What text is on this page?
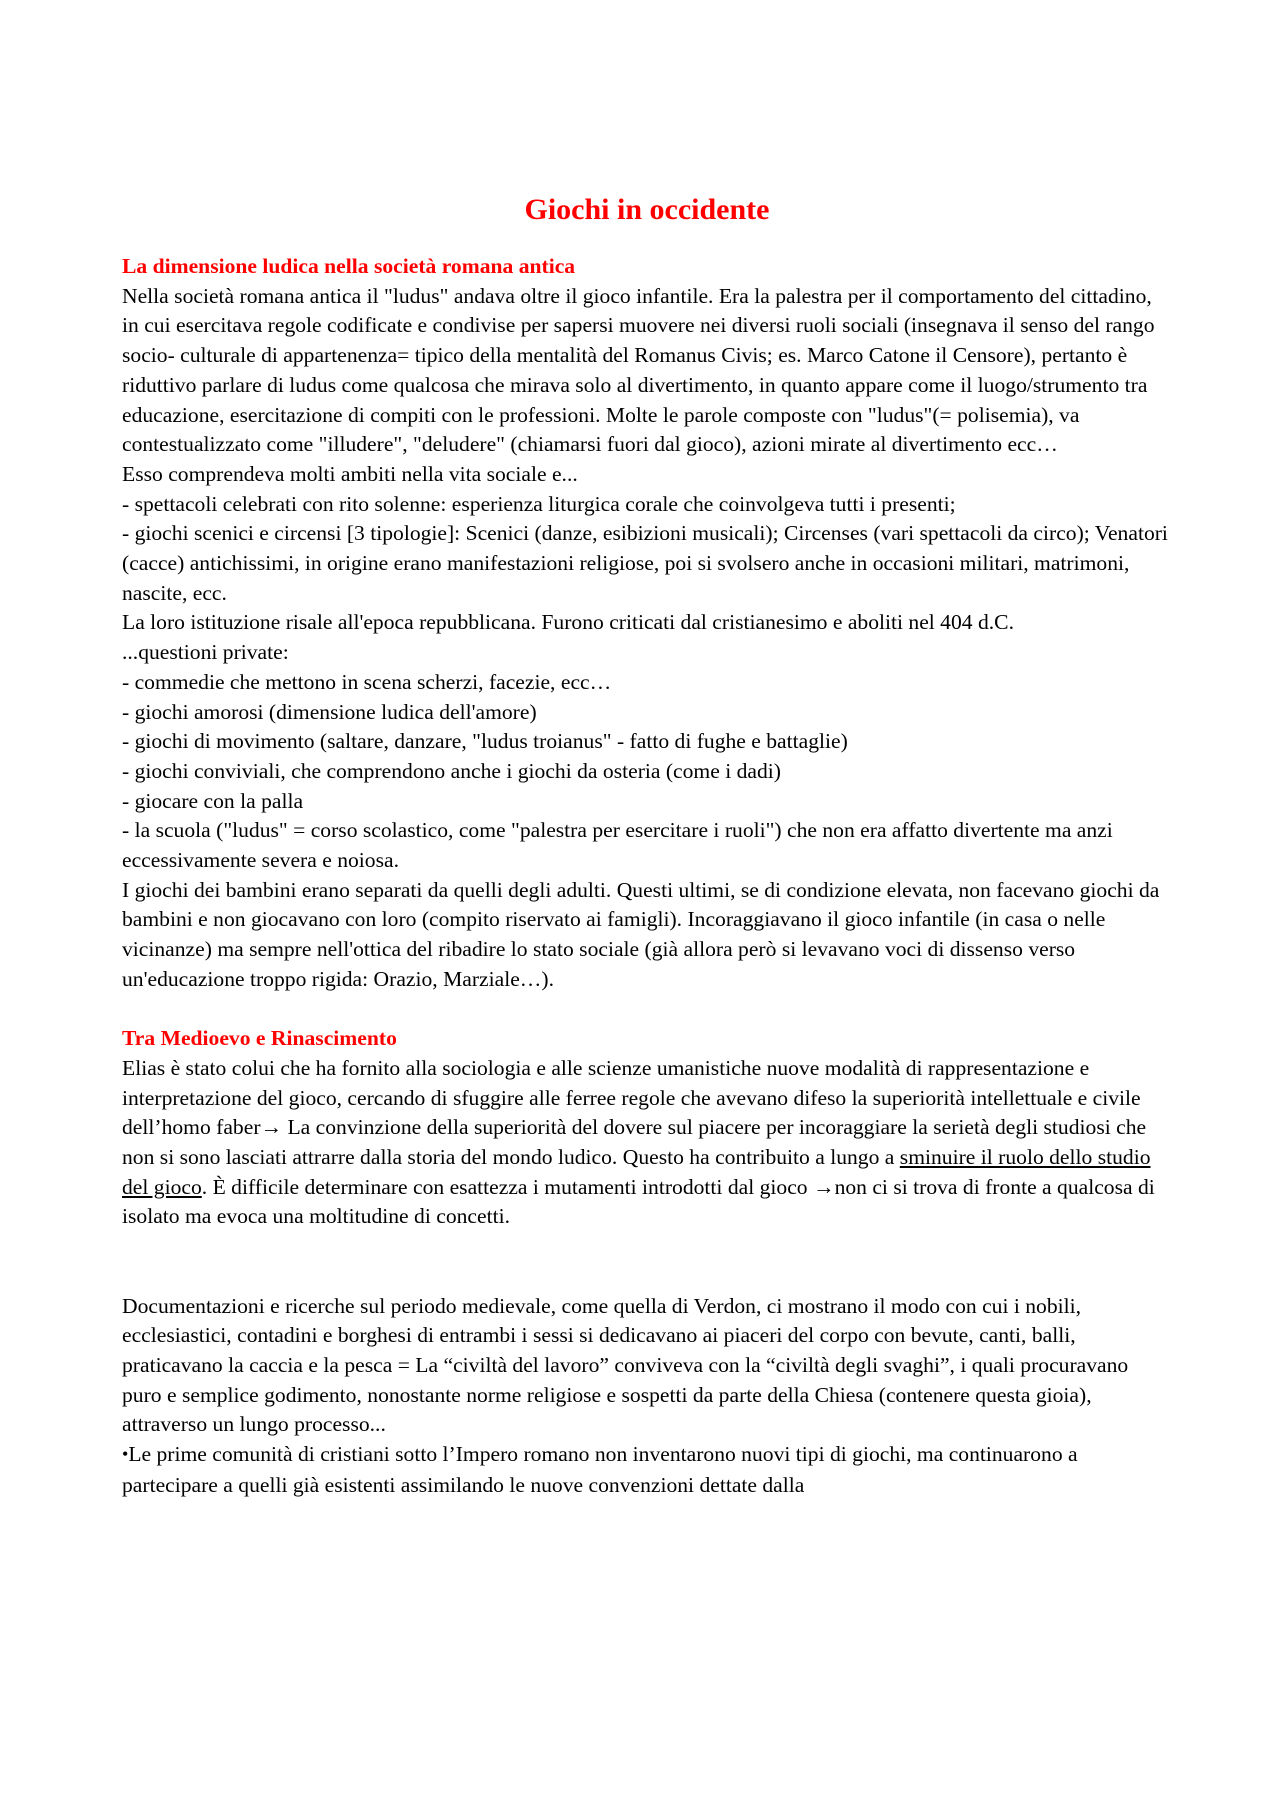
Giochi in occidente

La dimensione ludica nella società romana antica

Nella società romana antica il "ludus" andava oltre il gioco infantile. Era la palestra per il comportamento del cittadino, in cui esercitava regole codificate e condivise per sapersi muovere nei diversi ruoli sociali (insegnava il senso del rango socio- culturale di appartenenza= tipico della mentalità del Romanus Civis; es. Marco Catone il Censore), pertanto è riduttivo parlare di ludus come qualcosa che mirava solo al divertimento, in quanto appare come il luogo/strumento tra educazione, esercitazione di compiti con le professioni. Molte le parole composte con "ludus"(= polisemia), va contestualizzato come "illudere", "deludere" (chiamarsi fuori dal gioco), azioni mirate al divertimento ecc…

Esso comprendeva molti ambiti nella vita sociale e...

- spettacoli celebrati con rito solenne: esperienza liturgica corale che coinvolgeva tutti i presenti;

- giochi scenici e circensi [3 tipologie]: Scenici (danze, esibizioni musicali); Circenses (vari spettacoli da circo); Venatori (cacce) antichissimi, in origine erano manifestazioni religiose, poi si svolsero anche in occasioni militari, matrimoni, nascite, ecc.

La loro istituzione risale all'epoca repubblicana. Furono criticati dal cristianesimo e aboliti nel 404 d.C.

...questioni private:

- commedie che mettono in scena scherzi, facezie, ecc…

- giochi amorosi (dimensione ludica dell'amore)

- giochi di movimento (saltare, danzare, "ludus troianus" - fatto di fughe e battaglie)

- giochi conviviali, che comprendono anche i giochi da osteria (come i dadi)

- giocare con la palla

- la scuola ("ludus" = corso scolastico, come "palestra per esercitare i ruoli") che non era affatto divertente ma anzi eccessivamente severa e noiosa.

I giochi dei bambini erano separati da quelli degli adulti. Questi ultimi, se di condizione elevata, non facevano giochi da bambini e non giocavano con loro (compito riservato ai famigli). Incoraggiavano il gioco infantile (in casa o nelle vicinanze) ma sempre nell'ottica del ribadire lo stato sociale (già allora però si levavano voci di dissenso verso un'educazione troppo rigida: Orazio, Marziale…).

Tra Medioevo e Rinascimento

Elias è stato colui che ha fornito alla sociologia e alle scienze umanistiche nuove modalità di rappresentazione e interpretazione del gioco, cercando di sfuggire alle ferree regole che avevano difeso la superiorità intellettuale e civile dell’homo faber→ La convinzione della superiorità del dovere sul piacere per incoraggiare la serietà degli studiosi che non si sono lasciati attrarre dalla storia del mondo ludico. Questo ha contribuito a lungo a sminuire il ruolo dello studio del gioco. È difficile determinare con esattezza i mutamenti introdotti dal gioco →non ci si trova di fronte a qualcosa di isolato ma evoca una moltitudine di concetti.

Documentazioni e ricerche sul periodo medievale, come quella di Verdon, ci mostrano il modo con cui i nobili, ecclesiastici, contadini e borghesi di entrambi i sessi si dedicavano ai piaceri del corpo con bevute, canti, balli, praticavano la caccia e la pesca = La “civiltà del lavoro” conviveva con la “civiltà degli svaghi”, i quali procuravano puro e semplice godimento, nonostante norme religiose e sospetti da parte della Chiesa (contenere questa gioia), attraverso un lungo processo...

•Le prime comunità di cristiani sotto l’Impero romano non inventarono nuovi tipi di giochi, ma continuarono a partecipare a quelli già esistenti assimilando le nuove convenzioni dettate dalla
